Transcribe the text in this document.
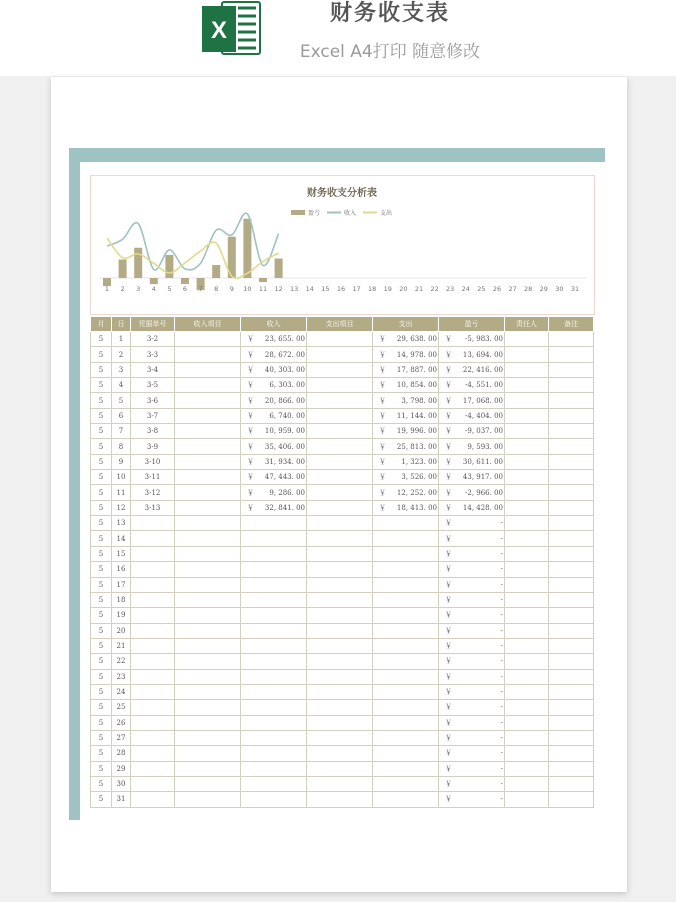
X
财务收支表
Excel A4打印 随意修改
财务收支分析表
盈亏	收入	支出
1 2 3 4 5 6 7 8 9 10 11 12 13 14 15 16 17 18 19 20 21 22 23 24 25 26 27 28 29 30 31
月	日	凭据单号	收入项目	收入	支出项目	支出	盈亏	责任人	备注
5	1	3-2		￥ 23, 655. 00		￥ 29, 638. 00	￥ -5, 983. 00		
5	2	3-3		￥ 28, 672. 00		￥ 14, 978. 00	￥ 13, 694. 00		
5	3	3-4		￥ 40, 303. 00		￥ 17, 887. 00	￥ 22, 416. 00		
5	4	3-5		￥ 6, 303. 00		￥ 10, 854. 00	￥ -4, 551. 00		
5	5	3-6		￥ 20, 866. 00		￥ 3, 798. 00	￥ 17, 068. 00		
5	6	3-7		￥ 6, 740. 00		￥ 11, 144. 00	￥ -4, 404. 00		
5	7	3-8		￥ 10, 959. 00		￥ 19, 996. 00	￥ -9, 037. 00		
5	8	3-9		￥ 35, 406. 00		￥ 25, 813. 00	￥ 9, 593. 00		
5	9	3-10		￥ 31, 934. 00		￥ 1, 323. 00	￥ 30, 611. 00		
5	10	3-11		￥ 47, 443. 00		￥ 3, 526. 00	￥ 43, 917. 00		
5	11	3-12		￥ 9, 286. 00		￥ 12, 252. 00	￥ -2, 966. 00		
5	12	3-13		￥ 32, 841. 00		￥ 18, 413. 00	￥ 14, 428. 00		
5	13						￥ -		
5	14						￥ -		
5	15						￥ -		
5	16						￥ -		
5	17						￥ -		
5	18						￥ -		
5	19						￥ -		
5	20						￥ -		
5	21						￥ -		
5	22						￥ -		
5	23						￥ -		
5	24						￥ -		
5	25						￥ -		
5	26						￥ -		
5	27						￥ -		
5	28						￥ -		
5	29						￥ -		
5	30						￥ -		
5	31						￥ -		
